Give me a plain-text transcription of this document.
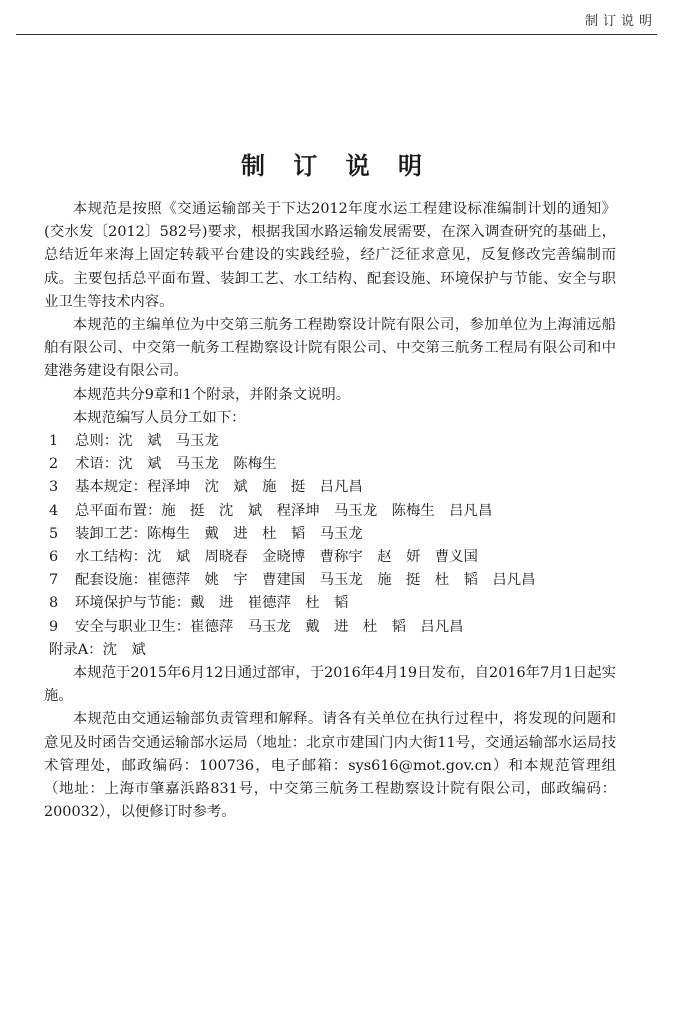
制订说明
制 订 说 明

本规范是按照《交通运输部关于下达2012年度水运工程建设标准编制计划的通知》(交水发〔2012〕582号)要求，根据我国水路运输发展需要，在深入调查研究的基础上，总结近年来海上固定转载平台建设的实践经验，经广泛征求意见，反复修改完善编制而成。主要包括总平面布置、装卸工艺、水工结构、配套设施、环境保护与节能、安全与职业卫生等技术内容。

本规范的主编单位为中交第三航务工程勘察设计院有限公司，参加单位为上海浦远船舶有限公司、中交第一航务工程勘察设计院有限公司、中交第三航务工程局有限公司和中建港务建设有限公司。

本规范共分9章和1个附录，并附条文说明。

本规范编写人员分工如下：

1 总则：沈　斌　马玉龙
2 术语：沈　斌　马玉龙　陈梅生
3 基本规定：程泽坤　沈　斌　施　挺　吕凡昌
4 总平面布置：施　挺　沈　斌　程泽坤　马玉龙　陈梅生　吕凡昌
5 装卸工艺：陈梅生　戴　进　杜　韬　马玉龙
6 水工结构：沈　斌　周晓春　金晓博　曹称宇　赵　妍　曹义国
7 配套设施：崔德萍　姚　宇　曹建国　马玉龙　施　挺　杜　韬　吕凡昌
8 环境保护与节能：戴　进　崔德萍　杜　韬
9 安全与职业卫生：崔德萍　马玉龙　戴　进　杜　韬　吕凡昌
附录A：沈　斌

本规范于2015年6月12日通过部审，于2016年4月19日发布，自2016年7月1日起实施。

本规范由交通运输部负责管理和解释。请各有关单位在执行过程中，将发现的问题和意见及时函告交通运输部水运局（地址：北京市建国门内大街11号，交通运输部水运局技术管理处，邮政编码：100736，电子邮箱：sys616@mot.gov.cn）和本规范管理组（地址：上海市肇嘉浜路831号，中交第三航务工程勘察设计院有限公司，邮政编码：200032），以便修订时参考。
